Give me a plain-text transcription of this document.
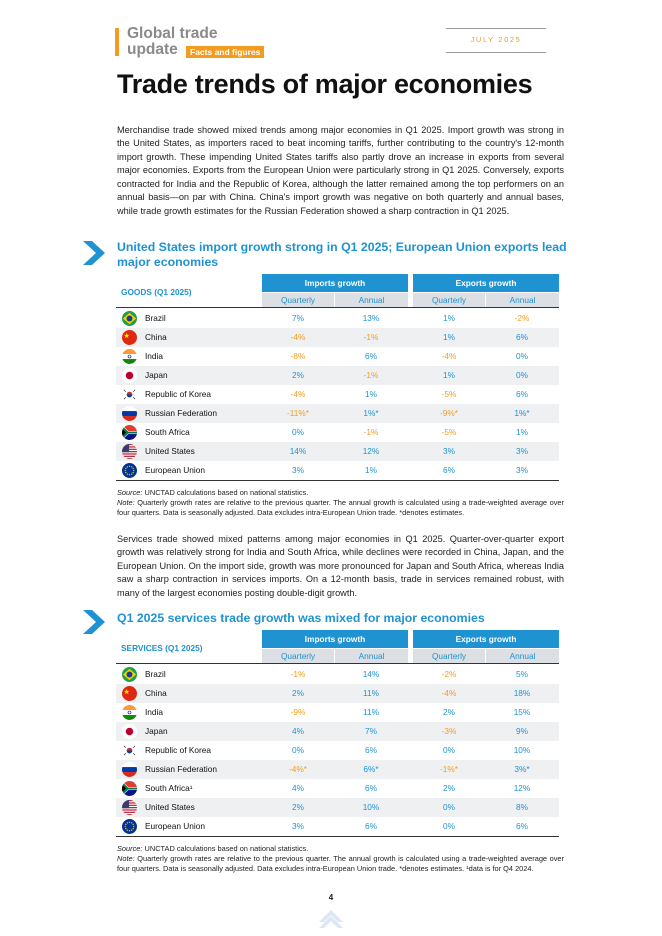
Global trade
update	Facts and figures
JULY 2025
Trade trends of major economies
Merchandise trade showed mixed trends among major economies in Q1 2025. Import growth was strong in the United States, as importers raced to beat incoming tariffs, further contributing to the country's 12-month import growth. These impending United States tariffs also partly drove an increase in exports from several major economies. Exports from the European Union were particularly strong in Q1 2025. Conversely, exports contracted for India and the Republic of Korea, although the latter remained among the top performers on an annual basis—on par with China. China's import growth was negative on both quarterly and annual bases, while trade growth estimates for the Russian Federation showed a sharp contraction in Q1 2025.
United States import growth strong in Q1 2025; European Union exports lead major economies
GOODS (Q1 2025)
Imports growth	Exports growth
Quarterly	Annual	Quarterly	Annual
Brazil	7%	13%	1%	-2%
China	-4%	-1%	1%	6%
India	-8%	6%	-4%	0%
Japan	2%	-1%	1%	0%
Republic of Korea	-4%	1%	-5%	6%
Russian Federation	-11%*	1%*	-9%*	1%*
South Africa	0%	-1%	-5%	1%
United States	14%	12%	3%	3%
European Union	3%	1%	6%	3%
Source: UNCTAD calculations based on national statistics.
Note: Quarterly growth rates are relative to the previous quarter. The annual growth is calculated using a trade-weighted average over four quarters. Data is seasonally adjusted. Data excludes intra-European Union trade. *denotes estimates.
Services trade showed mixed patterns among major economies in Q1 2025. Quarter-over-quarter export growth was relatively strong for India and South Africa, while declines were recorded in China, Japan, and the European Union. On the import side, growth was more pronounced for Japan and South Africa, whereas India saw a sharp contraction in services imports. On a 12-month basis, trade in services remained robust, with many of the largest economies posting double-digit growth.
Q1 2025 services trade growth was mixed for major economies
SERVICES (Q1 2025)
Imports growth	Exports growth
Quarterly	Annual	Quarterly	Annual
Brazil	-1%	14%	-2%	5%
China	2%	11%	-4%	18%
India	-9%	11%	2%	15%
Japan	4%	7%	-3%	9%
Republic of Korea	0%	6%	0%	10%
Russian Federation	-4%*	6%*	-1%*	3%*
South Africa¹	4%	6%	2%	12%
United States	2%	10%	0%	8%
European Union	3%	6%	0%	6%
Source: UNCTAD calculations based on national statistics.
Note: Quarterly growth rates are relative to the previous quarter. The annual growth is calculated using a trade-weighted average over four quarters. Data is seasonally adjusted. Data excludes intra-European Union trade. *denotes estimates. ¹data is for Q4 2024.
4
